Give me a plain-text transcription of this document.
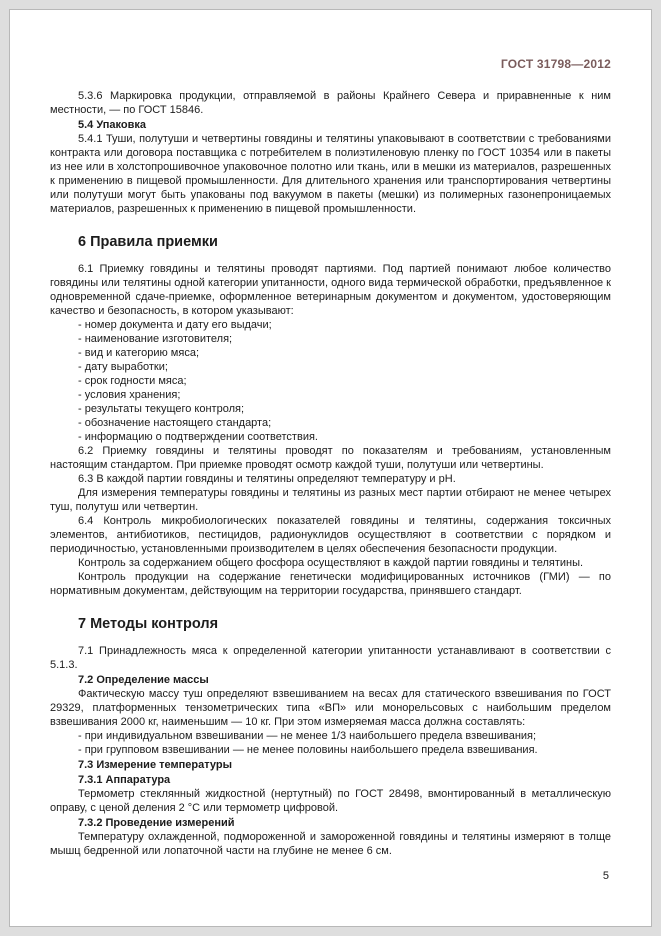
ГОСТ 31798—2012
5.3.6 Маркировка продукции, отправляемой в районы Крайнего Севера и приравненные к ним местности, — по ГОСТ 15846.
5.4 Упаковка
5.4.1 Туши, полутуши и четвертины говядины и телятины упаковывают в соответствии с требованиями контракта или договора поставщика с потребителем в полиэтиленовую пленку по ГОСТ 10354 или в пакеты из нее или в холстопрошивочное упаковочное полотно или ткань, или в мешки из материалов, разрешенных к применению в пищевой промышленности. Для длительного хранения или транспортирования четвертины или полутуши могут быть упакованы под вакуумом в пакеты (мешки) из полимерных газонепроницаемых материалов, разрешенных к применению в пищевой промышленности.
6 Правила приемки
6.1 Приемку говядины и телятины проводят партиями. Под партией понимают любое количество говядины или телятины одной категории упитанности, одного вида термической обработки, предъявленное к одновременной сдаче-приемке, оформленное ветеринарным документом и документом, удостоверяющим качество и безопасность, в котором указывают:
- номер документа и дату его выдачи;
- наименование изготовителя;
- вид и категорию мяса;
- дату выработки;
- срок годности мяса;
- условия хранения;
- результаты текущего контроля;
- обозначение настоящего стандарта;
- информацию о подтверждении соответствия.
6.2 Приемку говядины и телятины проводят по показателям и требованиям, установленным настоящим стандартом. При приемке проводят осмотр каждой туши, полутуши или четвертины.
6.3 В каждой партии говядины и телятины определяют температуру и pH.
Для измерения температуры говядины и телятины из разных мест партии отбирают не менее четырех туш, полутуш или четвертин.
6.4 Контроль микробиологических показателей говядины и телятины, содержания токсичных элементов, антибиотиков, пестицидов, радионуклидов осуществляют в соответствии с порядком и периодичностью, установленными производителем в целях обеспечения безопасности продукции.
Контроль за содержанием общего фосфора осуществляют в каждой партии говядины и телятины.
Контроль продукции на содержание генетически модифицированных источников (ГМИ) — по нормативным документам, действующим на территории государства, принявшего стандарт.
7 Методы контроля
7.1 Принадлежность мяса к определенной категории упитанности устанавливают в соответствии с 5.1.3.
7.2 Определение массы
Фактическую массу туш определяют взвешиванием на весах для статического взвешивания по ГОСТ 29329, платформенных тензометрических типа «ВП» или монорельсовых с наибольшим пределом взвешивания 2000 кг, наименьшим — 10 кг. При этом измеряемая масса должна составлять:
- при индивидуальном взвешивании — не менее 1/3 наибольшего предела взвешивания;
- при групповом взвешивании — не менее половины наибольшего предела взвешивания.
7.3 Измерение температуры
7.3.1 Аппаратура
Термометр стеклянный жидкостной (нертутный) по ГОСТ 28498, вмонтированный в металлическую оправу, с ценой деления 2 °С или термометр цифровой.
7.3.2 Проведение измерений
Температуру охлажденной, подмороженной и замороженной говядины и телятины измеряют в толще мышц бедренной или лопаточной части на глубине не менее 6 см.
5
